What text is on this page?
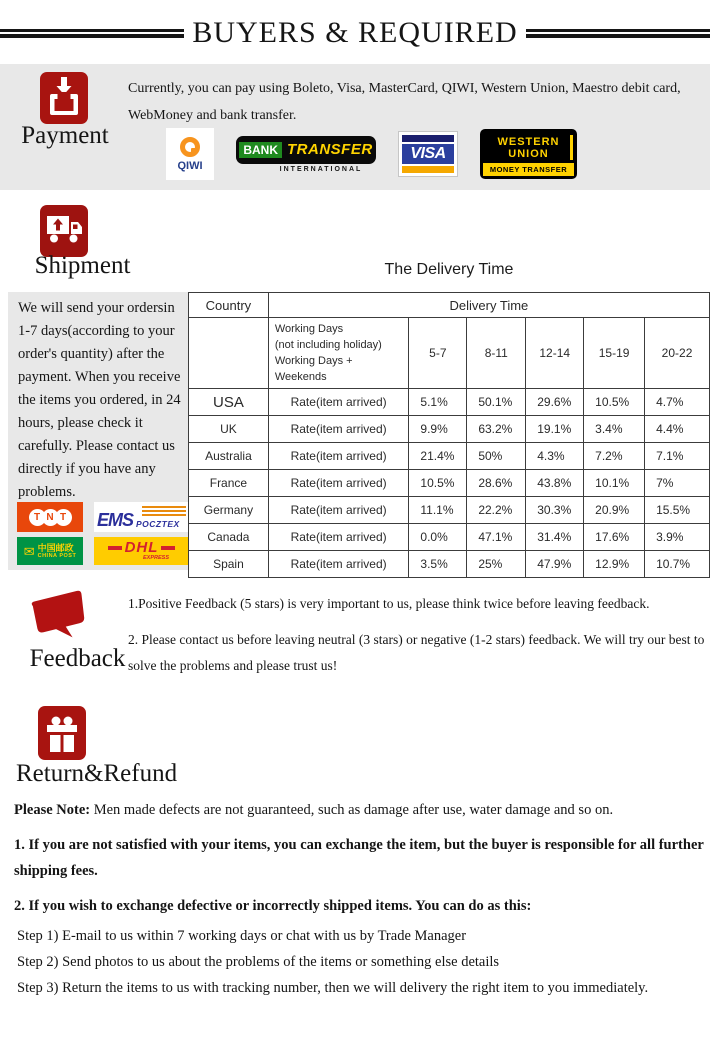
BUYERS & REQUIRED
Payment
Currently, you can pay using Boleto, Visa, MasterCard, QIWI, Western Union, Maestro debit card, WebMoney and bank transfer.
QIWI
BANK TRANSFER
INTERNATIONAL
VISA
WESTERN
UNION
MONEY TRANSFER
Shipment	The Delivery Time
We will send your ordersin 1-7 days(according to your order's quantity) after the payment. When you receive the items you ordered, in 24 hours, please check it carefully. Please contact us directly if you have any problems.
T N T	EMS POCZTEX
✉ 中国邮政
CHINA POST	DHL
EXPRESS
Country	Delivery Time					

	Working Days
(not including holiday)
Working Days + Weekends	5-7	8-11	12-14	15-19	20-22
USA	Rate(item arrived)	5.1%	50.1%	29.6%	10.5%	4.7%
UK	Rate(item arrived)	9.9%	63.2%	19.1%	3.4%	4.4%
Australia	Rate(item arrived)	21.4%	50%	4.3%	7.2%	7.1%
France	Rate(item arrived)	10.5%	28.6%	43.8%	10.1%	7%
Germany	Rate(item arrived)	11.1%	22.2%	30.3%	20.9%	15.5%
Canada	Rate(item arrived)	0.0%	47.1%	31.4%	17.6%	3.9%
Spain	Rate(item arrived)	3.5%	25%	47.9%	12.9%	10.7%
Feedback
1.Positive Feedback (5 stars) is very important to us, please think twice before leaving feedback.
2. Please contact us before leaving neutral (3 stars) or negative (1-2 stars) feedback. We will try our best to solve the problems and please trust us!
Return&Refund
Please Note: Men made defects are not guaranteed, such as damage after use, water damage and so on.
1. If you are not satisfied with your items, you can exchange the item, but the buyer is responsible for all further shipping fees.
2. If you wish to exchange defective or incorrectly shipped items. You can do as this:
Step 1) E-mail to us within 7 working days or chat with us by Trade Manager
Step 2) Send photos to us about the problems of the items or something else details
Step 3) Return the items to us with tracking number, then we will delivery the right item to you immediately.
